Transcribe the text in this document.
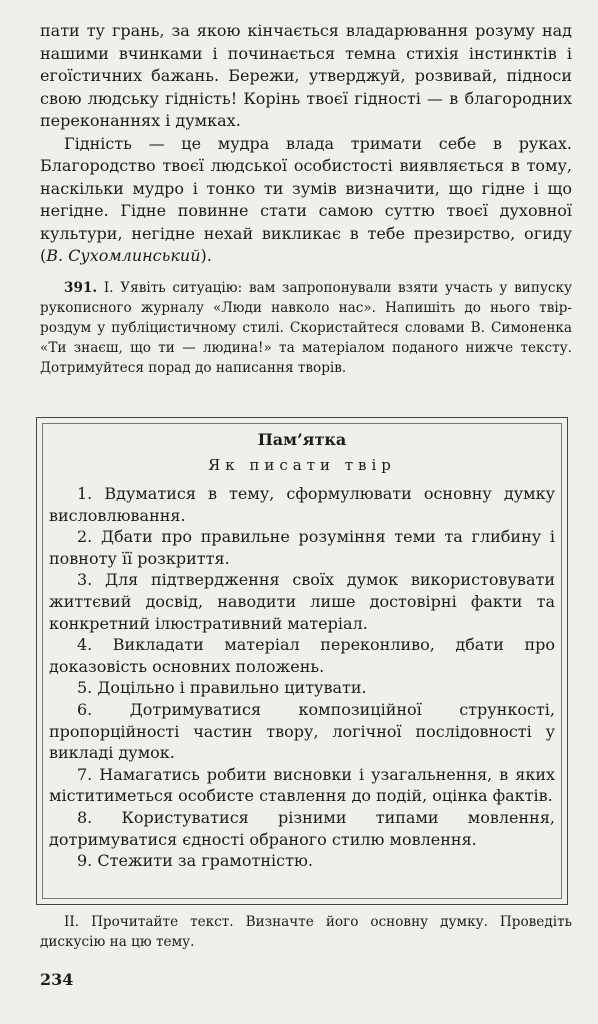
пати ту грань, за якою кінчається владарювання розуму над нашими вчинками і починається темна стихія інстинктів і егоїстичних бажань. Бережи, утверджуй, розвивай, підноси свою людську гідність! Корінь твоєї гідності — в благородних переконаннях і думках.

Гідність — це мудра влада тримати себе в руках. Благородство твоєї людської особистості виявляється в тому, наскільки мудро і тонко ти зумів визначити, що гідне і що негідне. Гідне повинне стати самою суттю твоєї духовної культури, негідне нехай викликає в тебе презирство, огиду (В. Сухомлинський).

391. І. Уявіть ситуацію: вам запропонували взяти участь у випуску рукописного журналу «Люди навколо нас». Напишіть до нього твір-роздум у публіцистичному стилі. Скористайтеся словами В. Симоненка «Ти знаєш, що ти — людина!» та матеріалом поданого нижче тексту. Дотримуйтеся порад до написання творів.

Пам’ятка
Як писати твір

1. Вдуматися в тему, сформулювати основну думку висловлювання.

2. Дбати про правильне розуміння теми та глибину і повноту її розкриття.

3. Для підтвердження своїх думок використовувати життєвий досвід, наводити лише достовірні факти та конкретний ілюстративний матеріал.

4. Викладати матеріал переконливо, дбати про доказовість основних положень.

5. Доцільно і правильно цитувати.

6. Дотримуватися композиційної стрункості, пропорційності частин твору, логічної послідовності у викладі думок.

7. Намагатись робити висновки і узагальнення, в яких міститиметься особисте ставлення до подій, оцінка фактів.

8. Користуватися різними типами мовлення, дотримуватися єдності обраного стилю мовлення.

9. Стежити за грамотністю.

II. Прочитайте текст. Визначте його основну думку. Проведіть дискусію на цю тему.

234
